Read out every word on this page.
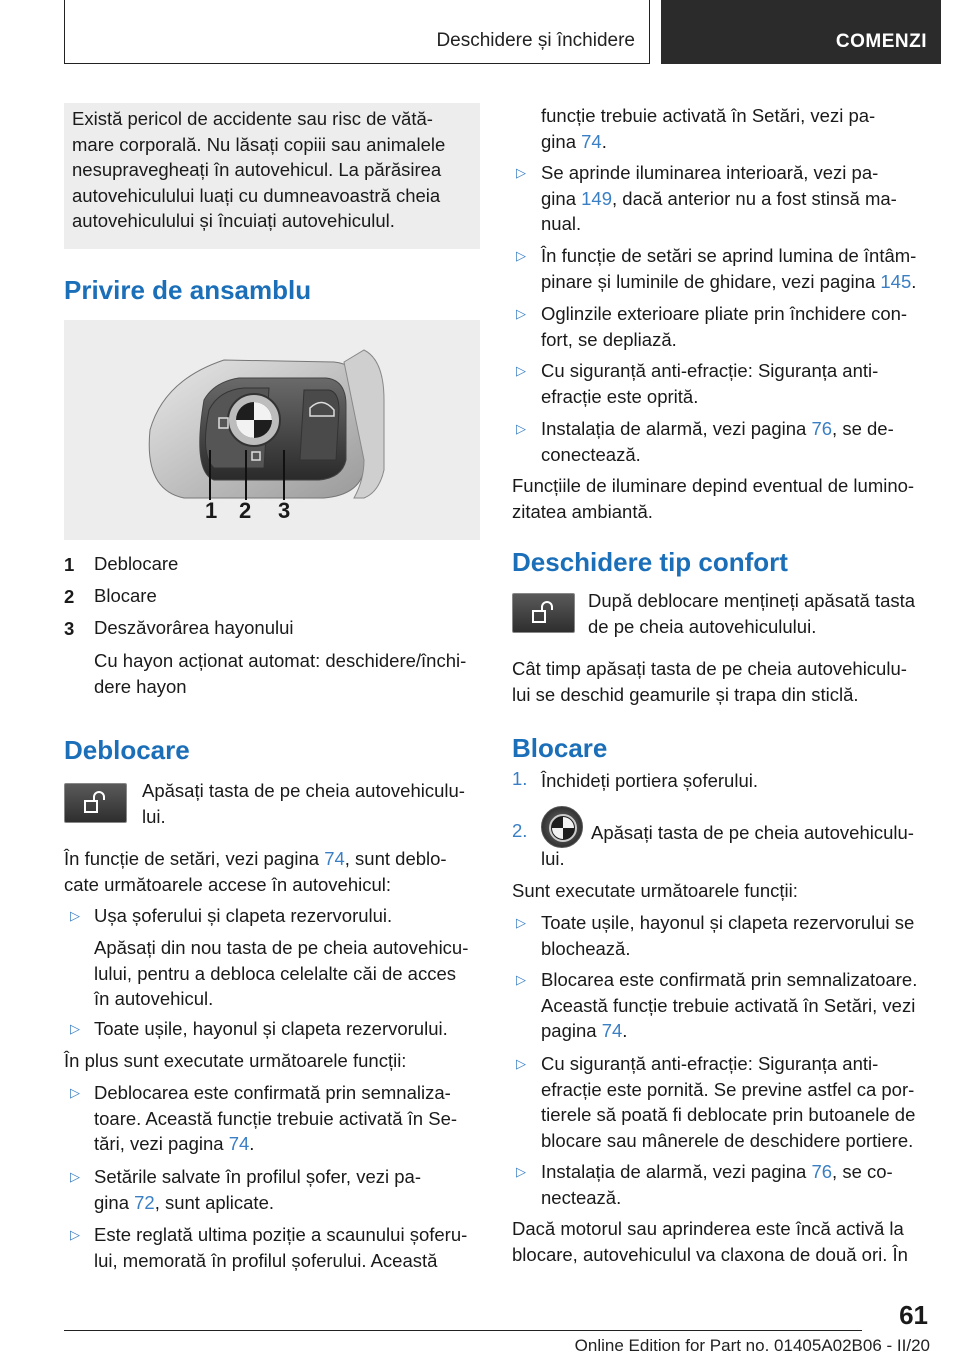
Deschidere și închidere	COMENZI
Există pericol de accidente sau risc de vătă-
mare corporală. Nu lăsați copiii sau animalele
nesupravegheați în autovehicul. La părăsirea
autovehiculului luați cu dumneavoastră cheia
autovehiculului și încuiați autovehiculul.
Privire de ansamblu
1 2 3
1 Deblocare
2 Blocare
3 Deszăvorârea hayonului
Cu hayon acționat automat: deschidere/închi-
dere hayon
Deblocare
Apăsați tasta de pe cheia autovehiculu-
lui.
În funcție de setări, vezi pagina 74, sunt deblo-
cate următoarele accese în autovehicul:
▷ Ușa șoferului și clapeta rezervorului.
Apăsați din nou tasta de pe cheia autovehicu-
lului, pentru a debloca celelalte căi de acces
în autovehicul.
▷ Toate ușile, hayonul și clapeta rezervorului.
În plus sunt executate următoarele funcții:
▷ Deblocarea este confirmată prin semnaliza-
toare. Această funcție trebuie activată în Se-
tări, vezi pagina 74.
▷ Setările salvate în profilul șofer, vezi pa-
gina 72, sunt aplicate.
▷ Este reglată ultima poziție a scaunului șoferu-
lui, memorată în profilul șoferului. Această
funcție trebuie activată în Setări, vezi pa-
gina 74.
▷ Se aprinde iluminarea interioară, vezi pa-
gina 149, dacă anterior nu a fost stinsă ma-
nual.
▷ În funcție de setări se aprind lumina de întâm-
pinare și luminile de ghidare, vezi pagina 145.
▷ Oglinzile exterioare pliate prin închidere con-
fort, se depliază.
▷ Cu siguranță anti-efracție: Siguranța anti-
efracție este oprită.
▷ Instalația de alarmă, vezi pagina 76, se de-
conectează.
Funcțiile de iluminare depind eventual de lumino-
zitatea ambiantă.
Deschidere tip confort
După deblocare mențineți apăsată tasta
de pe cheia autovehiculului.
Cât timp apăsați tasta de pe cheia autovehiculu-
lui se deschid geamurile și trapa din sticlă.
Blocare
1. Închideți portiera șoferului.
2.	Apăsați tasta de pe cheia autovehiculu-
lui.
Sunt executate următoarele funcții:
▷ Toate ușile, hayonul și clapeta rezervorului se
blochează.
▷ Blocarea este confirmată prin semnalizatoare.
Această funcție trebuie activată în Setări, vezi
pagina 74.
▷ Cu siguranță anti-efracție: Siguranța anti-
efracție este pornită. Se previne astfel ca por-
tierele să poată fi deblocate prin butoanele de
blocare sau mânerele de deschidere portiere.
▷ Instalația de alarmă, vezi pagina 76, se co-
nectează.
Dacă motorul sau aprinderea este încă activă la
blocare, autovehiculul va claxona de două ori. În
61
Online Edition for Part no. 01405A02B06 - II/20
